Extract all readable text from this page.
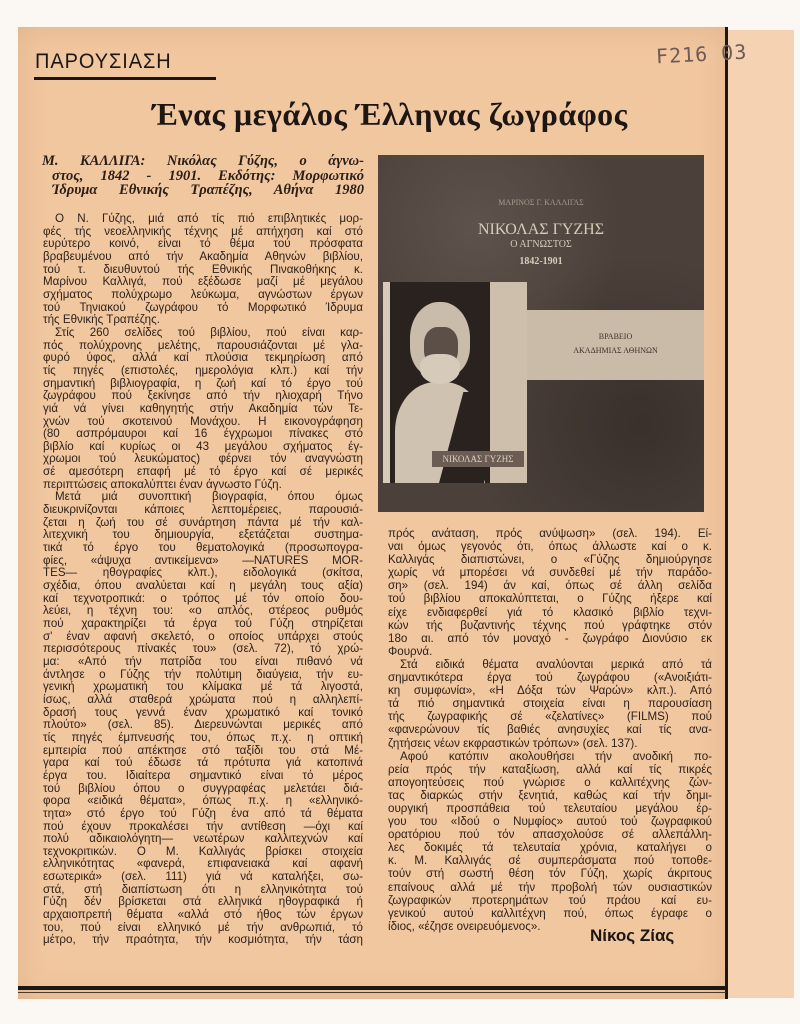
ΠΑΡΟΥΣΙΑΣΗ	F216 03
Ένας μεγάλος Έλληνας ζωγράφος
Μ. ΚΑΛΛΙΓΑ: Νικόλας Γύζης, ο άγνω-
στος, 1842 - 1901. Εκδότης: Μορφωτικό
Ίδρυμα Εθνικής Τραπέζης, Αθήνα 1980
ΜΑΡΙΝΟΣ Γ. ΚΑΛΛΙΓΑΣ
ΝΙΚΟΛΑΣ ΓΥΖΗΣ
Ο ΑΓΝΩΣΤΟΣ
1842-1901
ΒΡΑΒΕΙΟ
ΑΚΑΔΗΜΙΑΣ ΑΘΗΝΩΝ
ΝΙΚΟΛΑΣ ΓΥΖΗΣ
Ο Ν. Γύζης, μιά από τίς πιό επιβλητικές μορ-
φές τής νεοελληνικής τέχνης μέ απήχηση καί στό
ευρύτερο κοινό, είναι τό θέμα τού πρόσφατα
βραβευμένου από τήν Ακαδημία Αθηνών βιβλίου,
τού τ. διευθυντού τής Εθνικής Πινακοθήκης κ.
Μαρίνου Καλλιγά, πού εξέδωσε μαζί μέ μεγάλου
σχήματος πολύχρωμο λεύκωμα, αγνώστων έργων
τού Τηνιακού ζωγράφου τό Μορφωτικό Ίδρυμα
τής Εθνικής Τραπέζης.
Στίς 260 σελίδες τού βιβλίου, πού είναι καρ-
πός πολύχρονης μελέτης, παρουσιάζονται μέ γλα-
φυρό ύφος, αλλά καί πλούσια τεκμηρίωση από
τίς πηγές (επιστολές, ημερολόγια κλπ.) καί τήν
σημαντική βιβλιογραφία, η ζωή καί τό έργο τού
ζωγράφου πού ξεκίνησε από τήν ηλιοχαρή Τήνο
γιά νά γίνει καθηγητής στήν Ακαδημία τών Τε-
χνών τού σκοτεινού Μονάχου. Η εικονογράφηση
(80 ασπρόμαυροι καί 16 έγχρωμοι πίνακες στό
βιβλίο καί κυρίως οι 43 μεγάλου σχήματος έγ-
χρωμοι τού λευκώματος) φέρνει τόν αναγνώστη
σέ αμεσότερη επαφή μέ τό έργο καί σέ μερικές
περιπτώσεις αποκαλύπτει έναν άγνωστο Γύζη.
Μετά μιά συνοπτική βιογραφία, όπου όμως
διευκρινίζονται κάποιες λεπτομέρειες, παρουσιά-
ζεται η ζωή του σέ συνάρτηση πάντα μέ τήν καλ-
λιτεχνική του δημιουργία, εξετάζεται συστημα-
τικά τό έργο του θεματολογικά (προσωπογρα-
φίες, «άψυχα αντικείμενα» —NATURES MOR-
TES— ηθογραφίες κλπ.), ειδολογικά (σκίτσα,
σχέδια, όπου αναλύεται καί η μεγάλη τους αξία)
καί τεχνοτροπικά: ο τρόπος μέ τόν οποίο δου-
λεύει, η τέχνη του: «ο απλός, στέρεος ρυθμός
πού χαρακτηρίζει τά έργα τού Γύζη στηρίζεται
σ' έναν αφανή σκελετό, ο οποίος υπάρχει στούς
περισσότερους πίνακές του» (σελ. 72), τό χρώ-
μα: «Από τήν πατρίδα του είναι πιθανό νά
άντλησε ο Γύζης τήν πολύτιμη διαύγεια, τήν ευ-
γενική χρωματική του κλίμακα μέ τά λιγοστά,
ίσως, αλλά σταθερά χρώματα πού η αλληλεπί-
δρασή τους γεννά έναν χρωματικό καί τονικό
πλούτο» (σελ. 85). Διερευνώνται μερικές από
τίς πηγές έμπνευσής του, όπως π.χ. η οπτική
εμπειρία πού απέκτησε στό ταξίδι του στά Μέ-
γαρα καί τού έδωσε τά πρότυπα γιά κατοπινά
έργα του. Ιδιαίτερα σημαντικό είναι τό μέρος
τού βιβλίου όπου ο συγγραφέας μελετάει διά-
φορα «ειδικά θέματα», όπως π.χ. η «ελληνικό-
τητα» στό έργο τού Γύζη ένα από τά θέματα
πού έχουν προκαλέσει τήν αντίθεση —όχι καί
πολύ αδικαιολόγητη— νεωτέρων καλλιτεχνών καί
τεχνοκριτικών. Ο Μ. Καλλιγάς βρίσκει στοιχεία
ελληνικότητας «φανερά, επιφανειακά καί αφανή
εσωτερικά» (σελ. 111) γιά νά καταλήξει, σω-
στά, στή διαπίστωση ότι η ελληνικότητα τού
Γύζη δέν βρίσκεται στά ελληνικά ηθογραφικά ή
αρχαιοπρεπή θέματα «αλλά στό ήθος τών έργων
του, πού είναι ελληνικό μέ τήν ανθρωπιά, τό
μέτρο, τήν πραότητα, τήν κοσμιότητα, τήν τάση
πρός ανάταση, πρός ανύψωση» (σελ. 194). Εί-
ναι όμως γεγονός ότι, όπως άλλωστε καί ο κ.
Καλλιγάς διαπιστώνει, ο «Γύζης δημιούργησε
χωρίς νά μπορέσει νά συνδεθεί μέ τήν παράδο-
ση» (σελ. 194) άν καί, όπως σέ άλλη σελίδα
τού βιβλίου αποκαλύπτεται, ο Γύζης ήξερε καί
είχε ενδιαφερθεί γιά τό κλασικό βιβλίο τεχνι-
κών τής βυζαντινής τέχνης πού γράφτηκε στόν
18ο αι. από τόν μοναχό - ζωγράφο Διονύσιο εκ
Φουρνά.
Στά ειδικά θέματα αναλύονται μερικά από τά
σημαντικότερα έργα τού ζωγράφου («Ανοιξιάτι-
κη συμφωνία», «Η Δόξα τών Ψαρών» κλπ.). Από
τά πιό σημαντικά στοιχεία είναι η παρουσίαση
τής ζωγραφικής σέ «ζελατίνες» (FILMS) πού
«φανερώνουν τίς βαθιές ανησυχίες καί τίς ανα-
ζητήσεις νέων εκφραστικών τρόπων» (σελ. 137).
Αφού κατόπιν ακολουθήσει τήν ανοδική πο-
ρεία πρός τήν καταξίωση, αλλά καί τίς πικρές
απογοητεύσεις πού γνώρισε ο καλλιτέχνης ζών-
τας διαρκώς στήν ξενητιά, καθώς καί τήν δημι-
ουργική προσπάθεια τού τελευταίου μεγάλου έρ-
γου του «Ιδού ο Νυμφίος» αυτού τού ζωγραφικού
ορατόριου πού τόν απασχολούσε σέ αλλεπάλλη-
λες δοκιμές τά τελευταία χρόνια, καταλήγει ο
κ. Μ. Καλλιγάς σέ συμπεράσματα πού τοποθε-
τούν στή σωστή θέση τόν Γύζη, χωρίς άκριτους
επαίνους αλλά μέ τήν προβολή τών ουσιαστικών
ζωγραφικών προτερημάτων τού πράου καί ευ-
γενικού αυτού καλλιτέχνη πού, όπως έγραφε ο
ίδιος, «έζησε ονειρευόμενος».	Νίκος Ζίας
